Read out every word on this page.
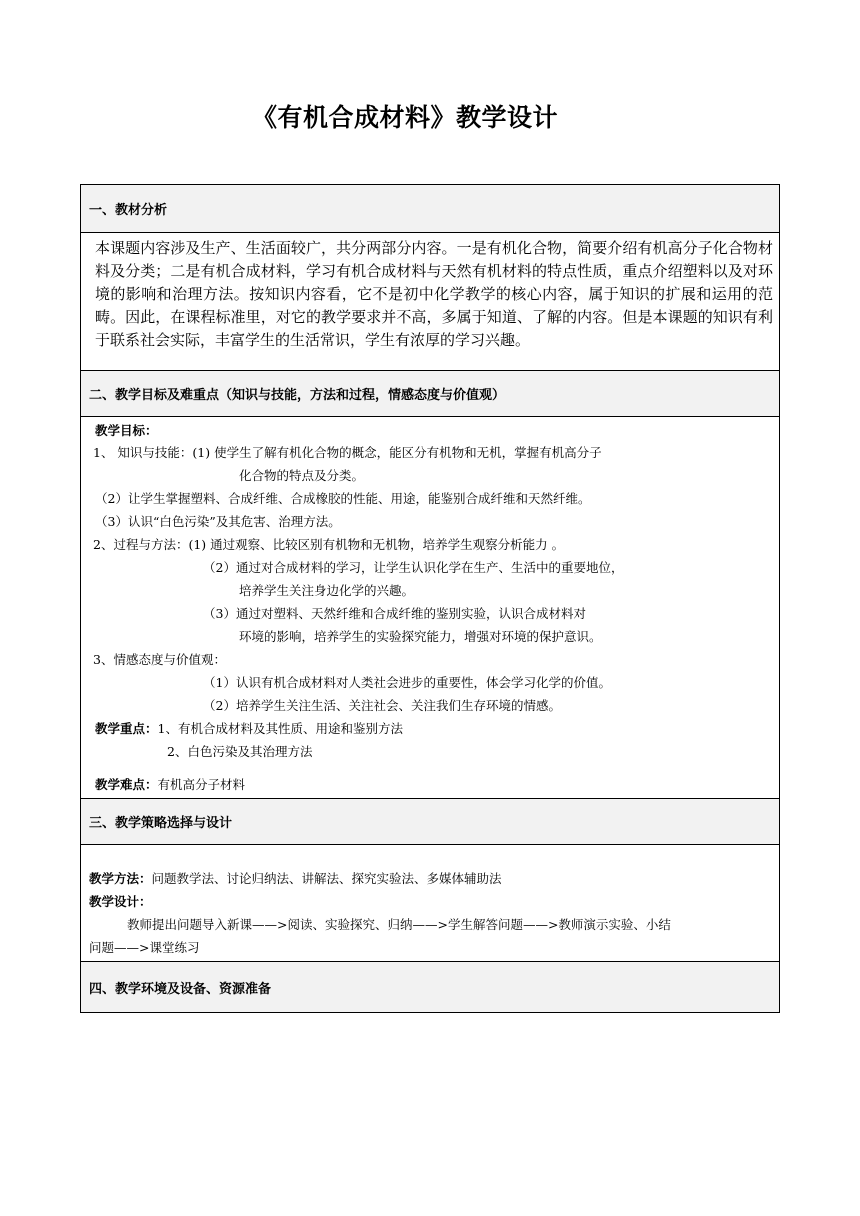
《有机合成材料》教学设计
一、教材分析
本课题内容涉及生产、生活面较广，共分两部分内容。一是有机化合物，简要介绍有机高分子化合物材料及分类；二是有机合成材料，学习有机合成材料与天然有机材料的特点性质，重点介绍塑料以及对环境的影响和治理方法。按知识内容看，它不是初中化学教学的核心内容，属于知识的扩展和运用的范畴。因此，在课程标准里，对它的教学要求并不高，多属于知道、了解的内容。但是本课题的知识有利于联系社会实际，丰富学生的生活常识，学生有浓厚的学习兴趣。
二、教学目标及难重点（知识与技能，方法和过程，情感态度与价值观）
教学目标：
1、 知识与技能：(1) 使学生了解有机化合物的概念，能区分有机物和无机，掌握有机高分子
化合物的特点及分类。
（2）让学生掌握塑料、合成纤维、合成橡胶的性能、用途，能鉴别合成纤维和天然纤维。
（3）认识“白色污染”及其危害、治理方法。
2、过程与方法：(1) 通过观察、比较区别有机物和无机物，培养学生观察分析能力 。
（2）通过对合成材料的学习，让学生认识化学在生产、生活中的重要地位，
培养学生关注身边化学的兴趣。
（3）通过对塑料、天然纤维和合成纤维的鉴别实验，认识合成材料对
环境的影响，培养学生的实验探究能力，增强对环境的保护意识。
3、情感态度与价值观：
（1）认识有机合成材料对人类社会进步的重要性，体会学习化学的价值。
（2）培养学生关注生活、关注社会、关注我们生存环境的情感。
教学重点：1、有机合成材料及其性质、用途和鉴别方法
2、白色污染及其治理方法
教学难点：有机高分子材料
三、教学策略选择与设计
教学方法：问题教学法、讨论归纳法、讲解法、探究实验法、多媒体辅助法
教学设计：
教师提出问题导入新课——>阅读、实验探究、归纳——>学生解答问题——>教师演示实验、小结
问题——>课堂练习
四、教学环境及设备、资源准备
